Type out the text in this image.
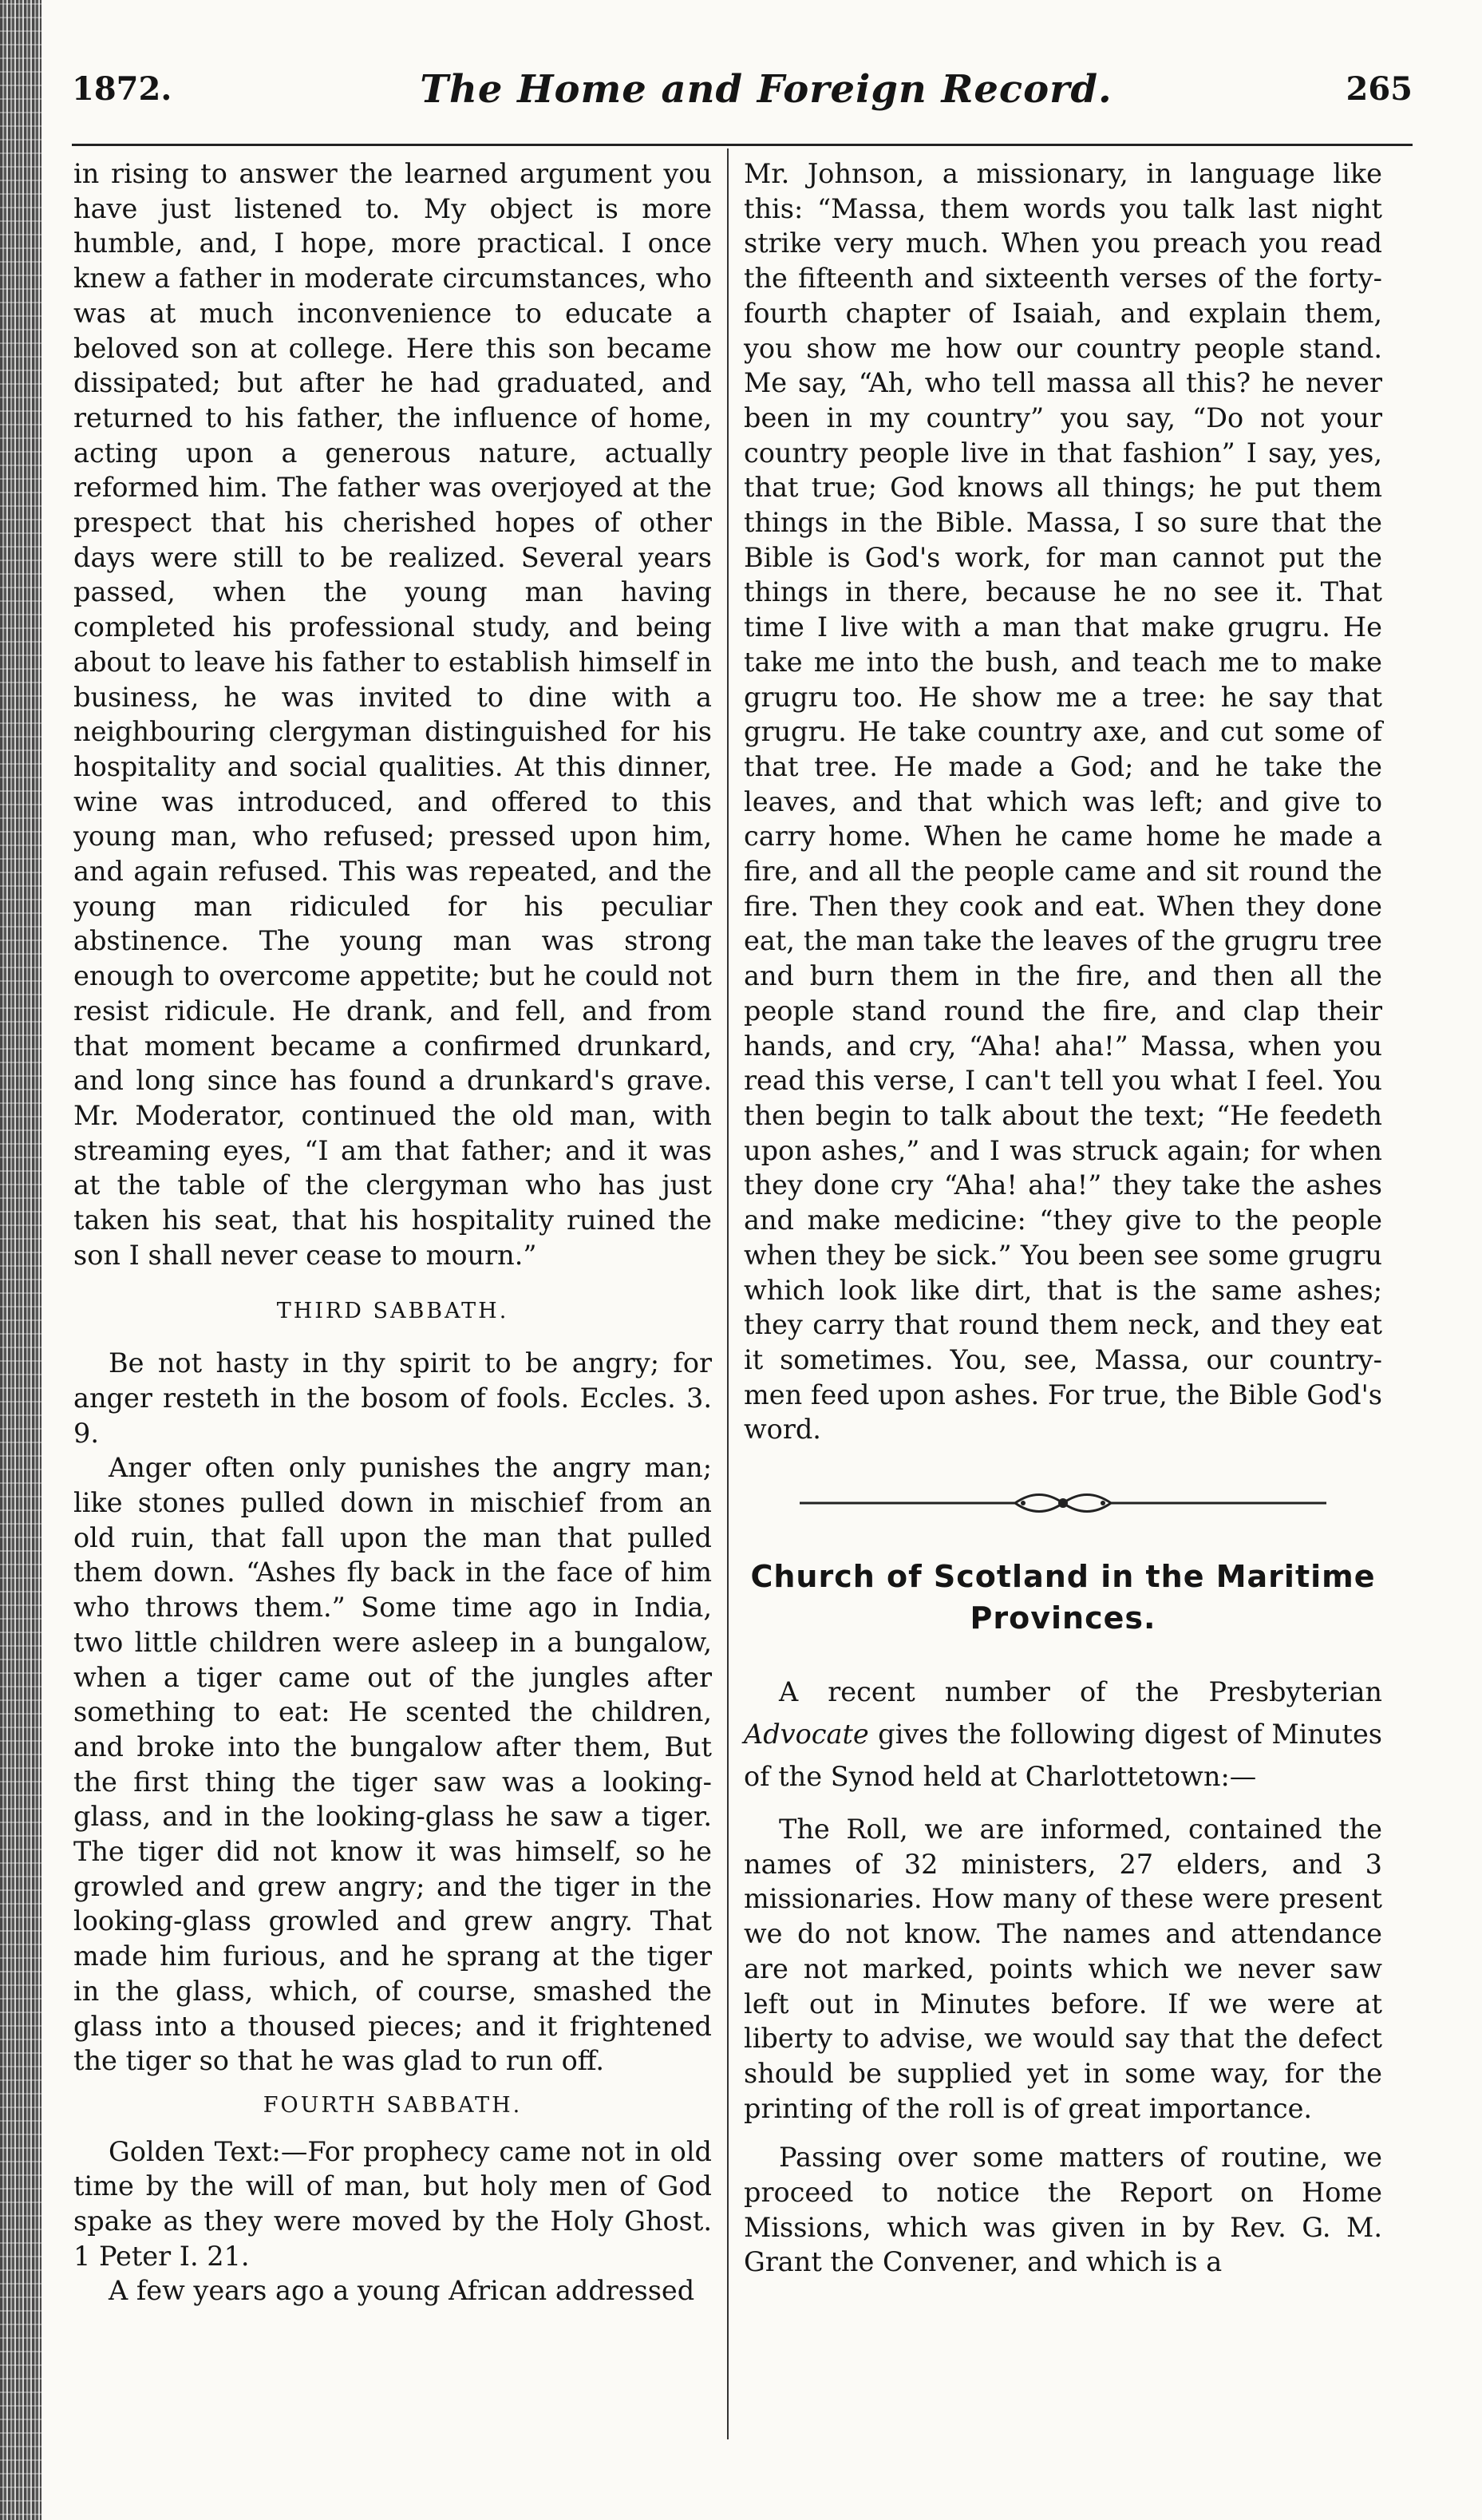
1872.	The Home and Foreign Record.	265

in rising to answer the learned argument you have just listened to. My object is more humble, and, I hope, more practical. I once knew a father in moderate circumstances, who was at much inconvenience to educate a beloved son at college. Here this son became dissipated; but after he had graduated, and returned to his father, the influence of home, acting upon a generous nature, actually reformed him. The father was overjoyed at the prespect that his cherished hopes of other days were still to be realized. Several years passed, when the young man having completed his professional study, and being about to leave his father to establish himself in business, he was invited to dine with a neighbouring clergyman distinguished for his hospitality and social qualities. At this dinner, wine was introduced, and offered to this young man, who refused; pressed upon him, and again refused. This was repeated, and the young man ridiculed for his peculiar abstinence. The young man was strong enough to overcome appetite; but he could not resist ridicule. He drank, and fell, and from that moment became a confirmed drunkard, and long since has found a drunkard's grave. Mr. Moderator, continued the old man, with streaming eyes, “I am that father; and it was at the table of the clergyman who has just taken his seat, that his hospitality ruined the son I shall never cease to mourn.”

THIRD SABBATH.

Be not hasty in thy spirit to be angry; for anger resteth in the bosom of fools. Eccles. 3. 9.

Anger often only punishes the angry man; like stones pulled down in mischief from an old ruin, that fall upon the man that pulled them down. “Ashes fly back in the face of him who throws them.” Some time ago in India, two little children were asleep in a bungalow, when a tiger came out of the jungles after something to eat: He scented the children, and broke into the bungalow after them, But the first thing the tiger saw was a looking-glass, and in the looking-glass he saw a tiger. The tiger did not know it was himself, so he growled and grew angry; and the tiger in the looking-glass growled and grew angry. That made him furious, and he sprang at the tiger in the glass, which, of course, smashed the glass into a thoused pieces; and it frightened the tiger so that he was glad to run off.

FOURTH SABBATH.

Golden Text:—For prophecy came not in old time by the will of man, but holy men of God spake as they were moved by the Holy Ghost. 1 Peter I. 21.

A few years ago a young African addressed

Mr. Johnson, a missionary, in language like this: “Massa, them words you talk last night strike very much. When you preach you read the fifteenth and sixteenth verses of the forty-fourth chapter of Isaiah, and explain them, you show me how our country people stand. Me say, “Ah, who tell massa all this? he never been in my country” you say, “Do not your country people live in that fashion” I say, yes, that true; God knows all things; he put them things in the Bible. Massa, I so sure that the Bible is God's work, for man cannot put the things in there, because he no see it. That time I live with a man that make grugru. He take me into the bush, and teach me to make grugru too. He show me a tree: he say that grugru. He take country axe, and cut some of that tree. He made a God; and he take the leaves, and that which was left; and give to carry home. When he came home he made a fire, and all the people came and sit round the fire. Then they cook and eat. When they done eat, the man take the leaves of the grugru tree and burn them in the fire, and then all the people stand round the fire, and clap their hands, and cry, “Aha! aha!” Massa, when you read this verse, I can't tell you what I feel. You then begin to talk about the text; “He feedeth upon ashes,” and I was struck again; for when they done cry “Aha! aha!” they take the ashes and make medicine: “they give to the people when they be sick.” You been see some grugru which look like dirt, that is the same ashes; they carry that round them neck, and they eat it sometimes. You, see, Massa, our country-men feed upon ashes. For true, the Bible God's word.

Church of Scotland in the Maritime Provinces.

A recent number of the Presbyterian Advocate gives the following digest of Minutes of the Synod held at Charlottetown:—

The Roll, we are informed, contained the names of 32 ministers, 27 elders, and 3 missionaries. How many of these were present we do not know. The names and attendance are not marked, points which we never saw left out in Minutes before. If we were at liberty to advise, we would say that the defect should be supplied yet in some way, for the printing of the roll is of great importance.

Passing over some matters of routine, we proceed to notice the Report on Home Missions, which was given in by Rev. G. M. Grant the Convener, and which is a
